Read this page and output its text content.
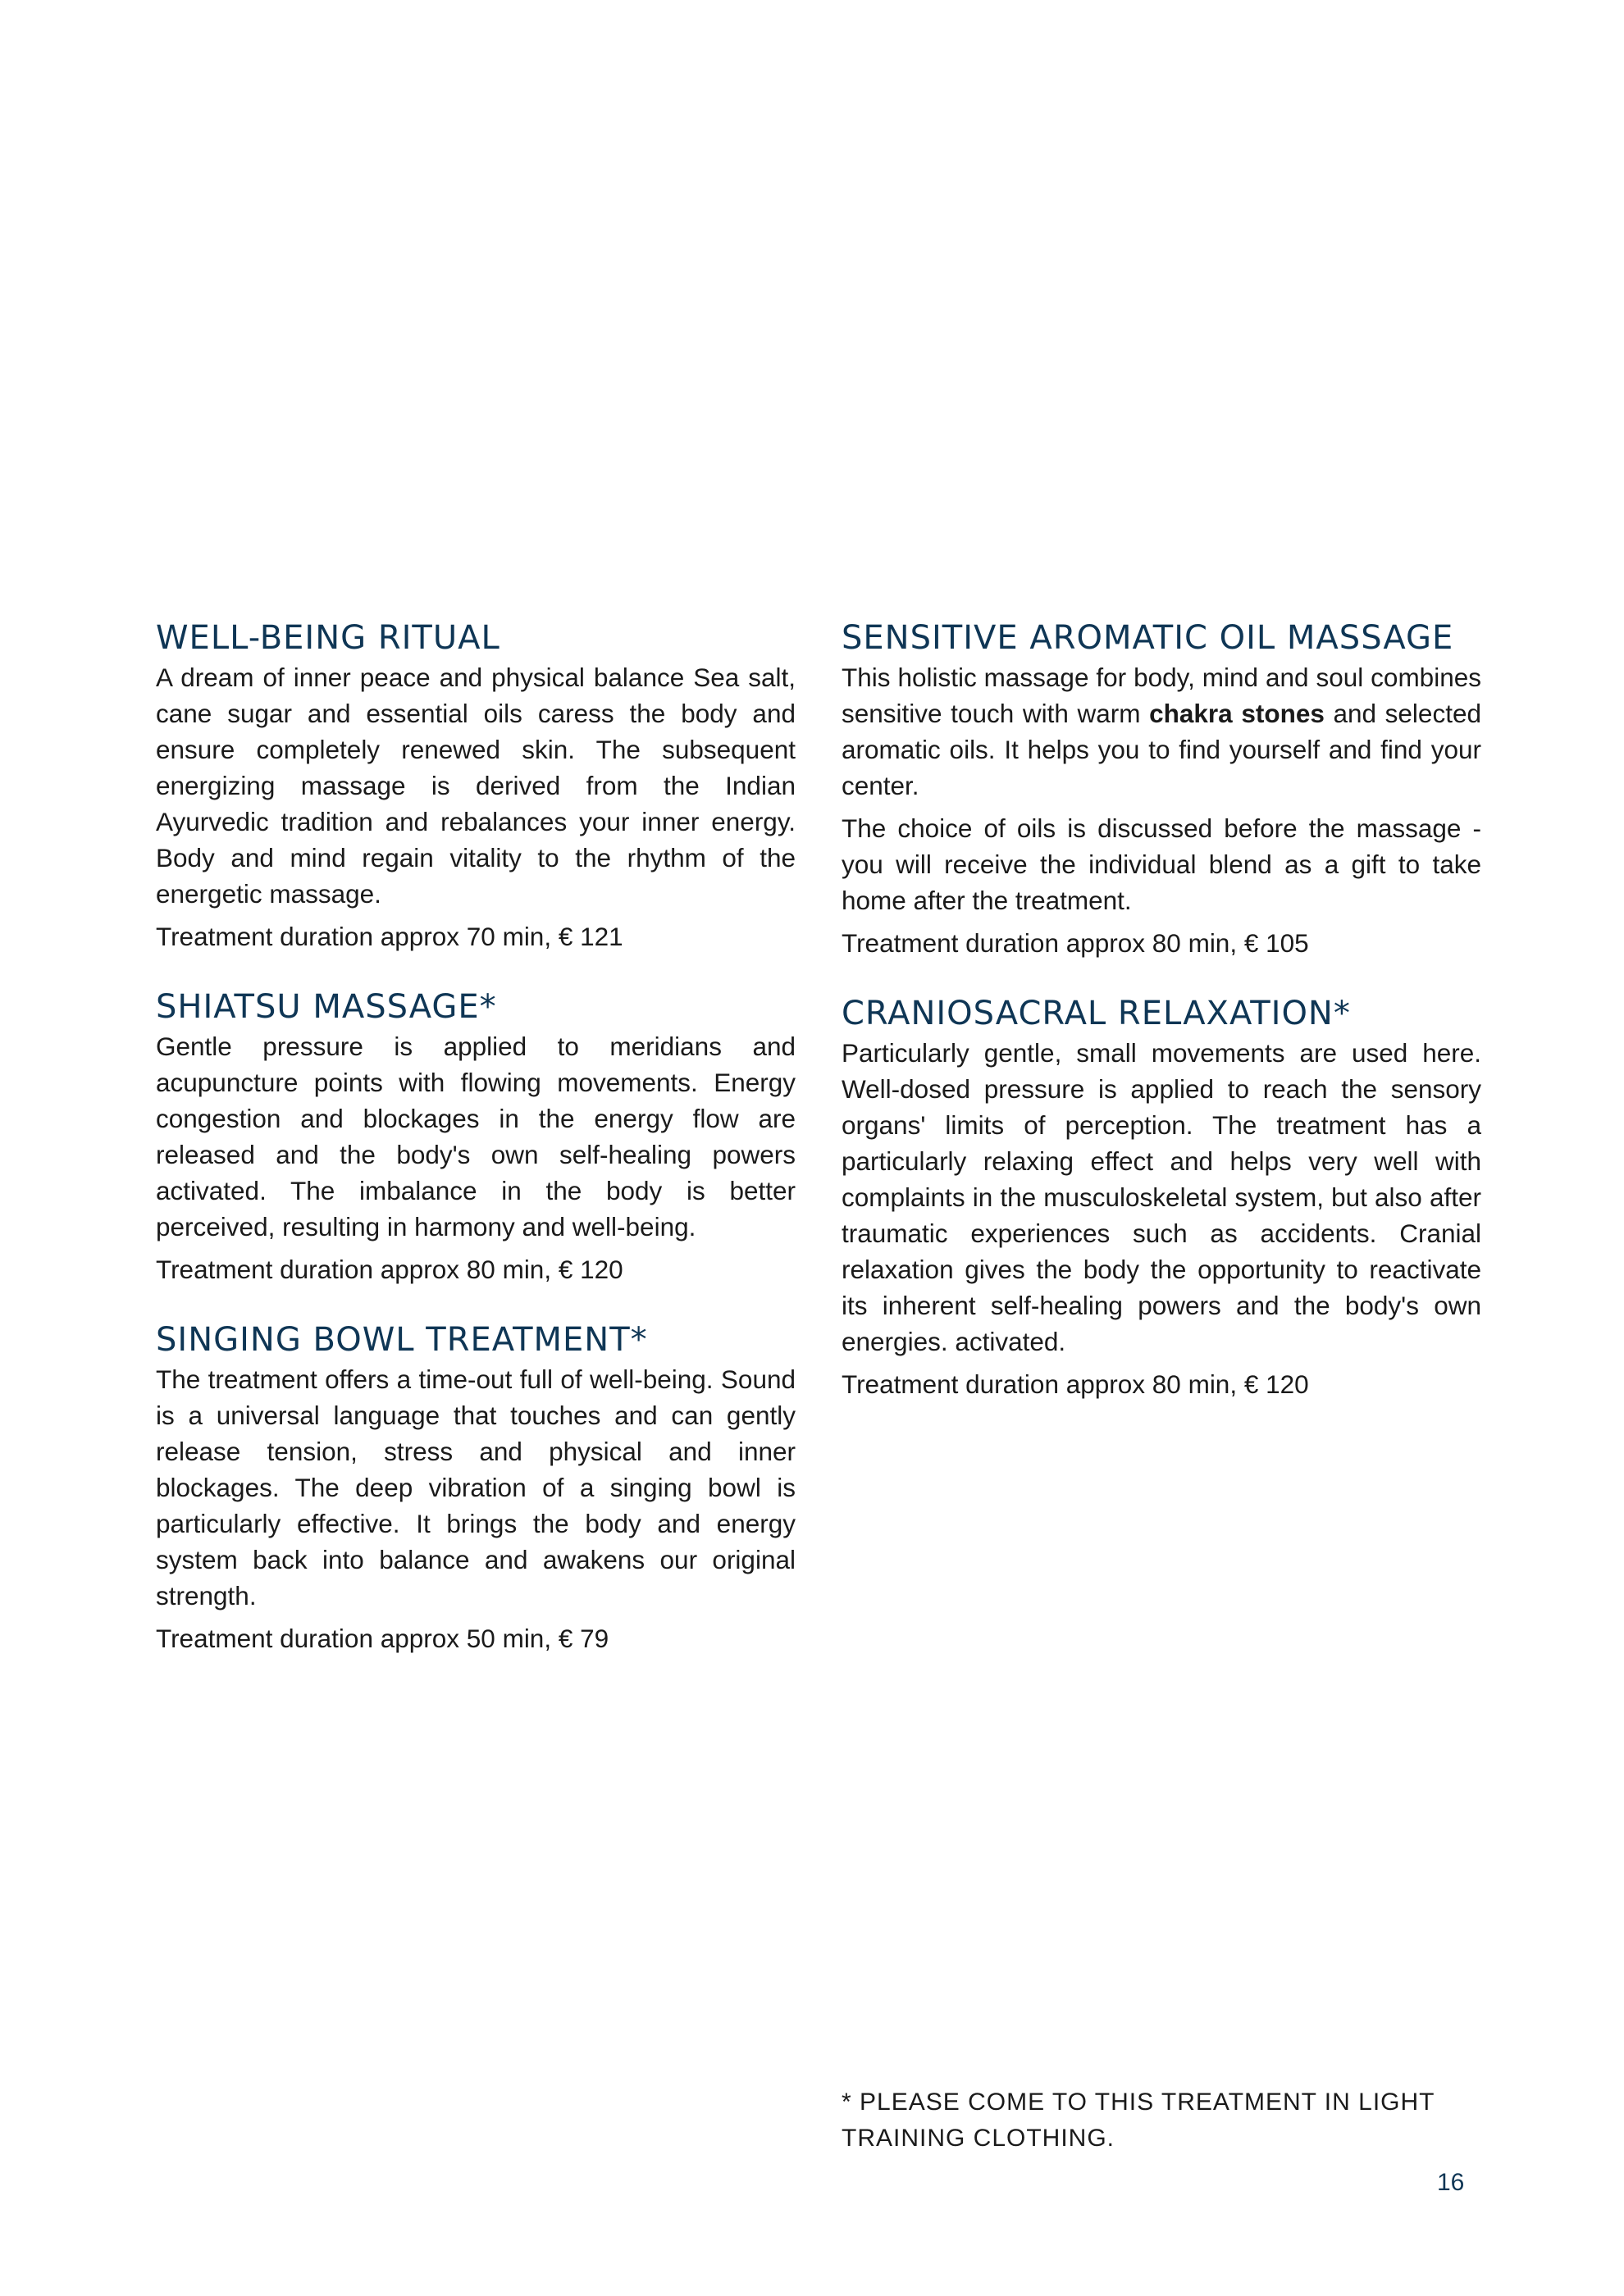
WELL-BEING RITUAL

A dream of inner peace and physical balance Sea salt, cane sugar and essential oils caress the body and ensure completely renewed skin. The subsequent energizing massage is derived from the Indian Ayurvedic tradition and rebalances your inner energy. Body and mind regain vitality to the rhythm of the energetic massage.

Treatment duration approx 70 min, € 121

SHIATSU MASSAGE*

Gentle pressure is applied to meridians and acupuncture points with flowing movements. Energy congestion and blockages in the energy flow are released and the body's own self-healing powers activated. The imbalance in the body is better perceived, resulting in harmony and well-being.

Treatment duration approx 80 min, € 120

SINGING BOWL TREATMENT*

The treatment offers a time-out full of well-being. Sound is a universal language that touches and can gently release tension, stress and physical and inner blockages. The deep vibration of a singing bowl is particularly effective. It brings the body and energy system back into balance and awakens our original strength.

Treatment duration approx 50 min, € 79

SENSITIVE AROMATIC OIL MASSAGE

This holistic massage for body, mind and soul combines sensitive touch with warm chakra stones and selected aromatic oils. It helps you to find yourself and find your center.

The choice of oils is discussed before the massage - you will receive the individual blend as a gift to take home after the treatment.

Treatment duration approx 80 min, € 105

CRANIOSACRAL RELAXATION*

Particularly gentle, small movements are used here. Well-dosed pressure is applied to reach the sensory organs' limits of perception. The treatment has a particularly relaxing effect and helps very well with complaints in the musculoskeletal system, but also after traumatic experiences such as accidents. Cranial relaxation gives the body the opportunity to reactivate its inherent self-healing powers and the body's own energies. activated.

Treatment duration approx 80 min, € 120

* PLEASE COME TO THIS TREATMENT IN LIGHT
TRAINING CLOTHING.
16
